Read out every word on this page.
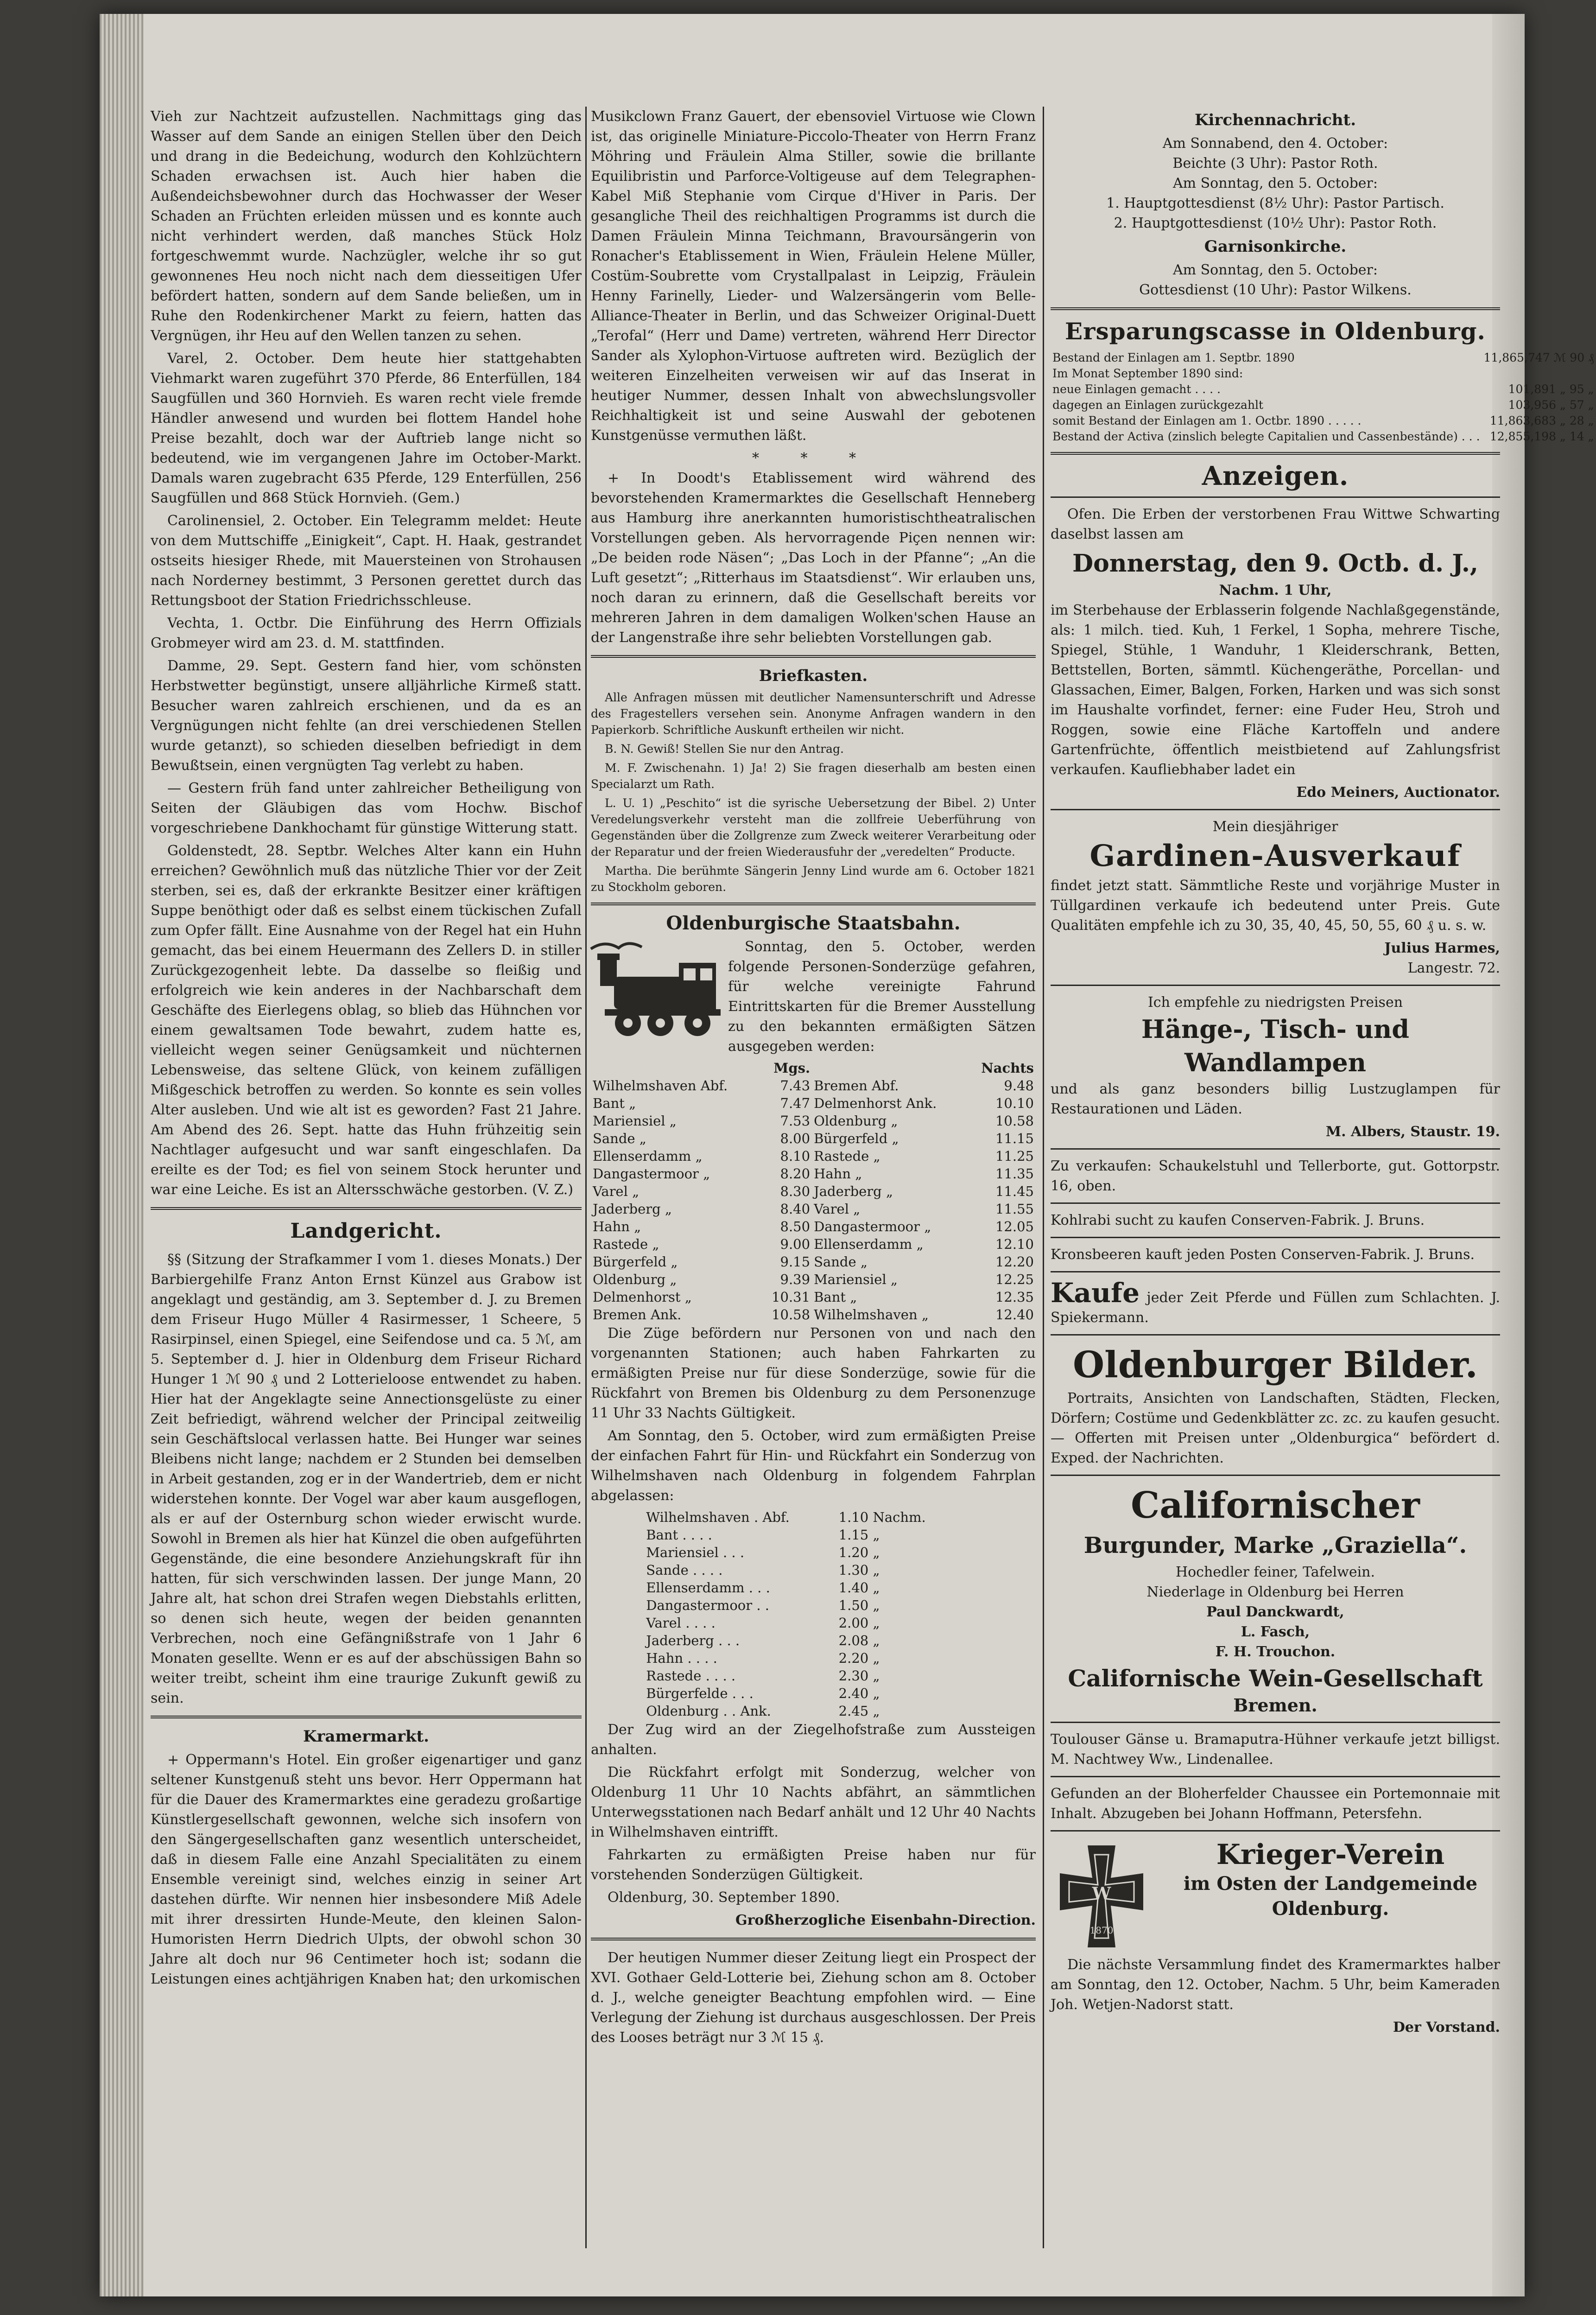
Vieh zur Nachtzeit aufzustellen. Nachmittags ging das Wasser auf dem Sande an einigen Stellen über den Deich und drang in die Bedeichung, wodurch den Kohlzüchtern Schaden erwachsen ist. Auch hier haben die Außendeichsbewohner durch das Hochwasser der Weser Schaden an Früchten erleiden müssen und es konnte auch nicht verhindert werden, daß manches Stück Holz fortgeschwemmt wurde. Nachzügler, welche ihr so gut gewonnenes Heu noch nicht nach dem diesseitigen Ufer befördert hatten, sondern auf dem Sande beließen, um in Ruhe den Rodenkirchener Markt zu feiern, hatten das Vergnügen, ihr Heu auf den Wellen tanzen zu sehen.

Varel, 2. October. Dem heute hier stattgehabten Viehmarkt waren zugeführt 370 Pferde, 86 Enterfüllen, 184 Saugfüllen und 360 Hornvieh. Es waren recht viele fremde Händler anwesend und wurden bei flottem Handel hohe Preise bezahlt, doch war der Auftrieb lange nicht so bedeutend, wie im vergangenen Jahre im October-Markt. Damals waren zugebracht 635 Pferde, 129 Enterfüllen, 256 Saugfüllen und 868 Stück Hornvieh. (Gem.)

Carolinensiel, 2. October. Ein Telegramm meldet: Heute von dem Muttschiffe „Einigkeit“, Capt. H. Haak, gestrandet ostseits hiesiger Rhede, mit Mauersteinen von Strohausen nach Norderney bestimmt, 3 Personen gerettet durch das Rettungsboot der Station Friedrichsschleuse.

Vechta, 1. Octbr. Die Einführung des Herrn Offizials Grobmeyer wird am 23. d. M. stattfinden.

Damme, 29. Sept. Gestern fand hier, vom schönsten Herbstwetter begünstigt, unsere alljährliche Kirmeß statt. Besucher waren zahlreich erschienen, und da es an Vergnügungen nicht fehlte (an drei verschiedenen Stellen wurde getanzt), so schieden dieselben befriedigt in dem Bewußtsein, einen vergnügten Tag verlebt zu haben.

— Gestern früh fand unter zahlreicher Betheiligung von Seiten der Gläubigen das vom Hochw. Bischof vorgeschriebene Dankhochamt für günstige Witterung statt.

Goldenstedt, 28. Septbr. Welches Alter kann ein Huhn erreichen? Gewöhnlich muß das nützliche Thier vor der Zeit sterben, sei es, daß der erkrankte Besitzer einer kräftigen Suppe benöthigt oder daß es selbst einem tückischen Zufall zum Opfer fällt. Eine Ausnahme von der Regel hat ein Huhn gemacht, das bei einem Heuermann des Zellers D. in stiller Zurückgezogenheit lebte. Da dasselbe so fleißig und erfolgreich wie kein anderes in der Nachbarschaft dem Geschäfte des Eierlegens oblag, so blieb das Hühnchen vor einem gewaltsamen Tode bewahrt, zudem hatte es, vielleicht wegen seiner Genügsamkeit und nüchternen Lebensweise, das seltene Glück, von keinem zufälligen Mißgeschick betroffen zu werden. So konnte es sein volles Alter ausleben. Und wie alt ist es geworden? Fast 21 Jahre. Am Abend des 26. Sept. hatte das Huhn frühzeitig sein Nachtlager aufgesucht und war sanft eingeschlafen. Da ereilte es der Tod; es fiel von seinem Stock herunter und war eine Leiche. Es ist an Altersschwäche gestorben. (V. Z.)

Landgericht.

§§ (Sitzung der Strafkammer I vom 1. dieses Monats.) Der Barbiergehilfe Franz Anton Ernst Künzel aus Grabow ist angeklagt und geständig, am 3. September d. J. zu Bremen dem Friseur Hugo Müller 4 Rasirmesser, 1 Scheere, 5 Rasirpinsel, einen Spiegel, eine Seifendose und ca. 5 ℳ, am 5. September d. J. hier in Oldenburg dem Friseur Richard Hunger 1 ℳ 90 ₰ und 2 Lotterieloose entwendet zu haben. Hier hat der Angeklagte seine Annectionsgelüste zu einer Zeit befriedigt, während welcher der Principal zeitweilig sein Geschäftslocal verlassen hatte. Bei Hunger war seines Bleibens nicht lange; nachdem er 2 Stunden bei demselben in Arbeit gestanden, zog er in der Wandertrieb, dem er nicht widerstehen konnte. Der Vogel war aber kaum ausgeflogen, als er auf der Osternburg schon wieder erwischt wurde. Sowohl in Bremen als hier hat Künzel die oben aufgeführten Gegenstände, die eine besondere Anziehungskraft für ihn hatten, für sich verschwinden lassen. Der junge Mann, 20 Jahre alt, hat schon drei Strafen wegen Diebstahls erlitten, so denen sich heute, wegen der beiden genannten Verbrechen, noch eine Gefängnißstrafe von 1 Jahr 6 Monaten gesellte. Wenn er es auf der abschüssigen Bahn so weiter treibt, scheint ihm eine traurige Zukunft gewiß zu sein.

Kramermarkt.

+ Oppermann's Hotel. Ein großer eigenartiger und ganz seltener Kunstgenuß steht uns bevor. Herr Oppermann hat für die Dauer des Kramermarktes eine geradezu großartige Künstlergesellschaft gewonnen, welche sich insofern von den Sängergesellschaften ganz wesentlich unterscheidet, daß in diesem Falle eine Anzahl Specialitäten zu einem Ensemble vereinigt sind, welches einzig in seiner Art dastehen dürfte. Wir nennen hier insbesondere Miß Adele mit ihrer dressirten Hunde-Meute, den kleinen Salon-Humoristen Herrn Diedrich Ulpts, der obwohl schon 30 Jahre alt doch nur 96 Centimeter hoch ist; sodann die Leistungen eines achtjährigen Knaben hat; den urkomischen

Musikclown Franz Gauert, der ebensoviel Virtuose wie Clown ist, das originelle Miniature-Piccolo-Theater von Herrn Franz Möhring und Fräulein Alma Stiller, sowie die brillante Equilibristin und Parforce-Voltigeuse auf dem Telegraphen-Kabel Miß Stephanie vom Cirque d'Hiver in Paris. Der gesangliche Theil des reichhaltigen Programms ist durch die Damen Fräulein Minna Teichmann, Bravoursängerin von Ronacher's Etablissement in Wien, Fräulein Helene Müller, Costüm-Soubrette vom Crystallpalast in Leipzig, Fräulein Henny Farinelly, Lieder- und Walzersängerin vom Belle-Alliance-Theater in Berlin, und das Schweizer Original-Duett „Terofal“ (Herr und Dame) vertreten, während Herr Director Sander als Xylophon-Virtuose auftreten wird. Bezüglich der weiteren Einzelheiten verweisen wir auf das Inserat in heutiger Nummer, dessen Inhalt von abwechslungsvoller Reichhaltigkeit ist und seine Auswahl der gebotenen Kunstgenüsse vermuthen läßt.

* * *

+ In Doodt's Etablissement wird während des bevorstehenden Kramermarktes die Gesellschaft Henneberg aus Hamburg ihre anerkannten humoristischtheatralischen Vorstellungen geben. Als hervorragende Piçen nennen wir: „De beiden rode Näsen“; „Das Loch in der Pfanne“; „An die Luft gesetzt“; „Ritterhaus im Staatsdienst“. Wir erlauben uns, noch daran zu erinnern, daß die Gesellschaft bereits vor mehreren Jahren in dem damaligen Wolken'schen Hause an der Langenstraße ihre sehr beliebten Vorstellungen gab.

Briefkasten.

Alle Anfragen müssen mit deutlicher Namensunterschrift und Adresse des Fragestellers versehen sein. Anonyme Anfragen wandern in den Papierkorb. Schriftliche Auskunft ertheilen wir nicht.

B. N. Gewiß! Stellen Sie nur den Antrag.

M. F. Zwischenahn. 1) Ja! 2) Sie fragen dieserhalb am besten einen Specialarzt um Rath.

L. U. 1) „Peschito“ ist die syrische Uebersetzung der Bibel. 2) Unter Veredelungsverkehr versteht man die zollfreie Ueberführung von Gegenständen über die Zollgrenze zum Zweck weiterer Verarbeitung oder der Reparatur und der freien Wiederausfuhr der „veredelten“ Producte.

Martha. Die berühmte Sängerin Jenny Lind wurde am 6. October 1821 zu Stockholm geboren.

Oldenburgische Staatsbahn.

Sonntag, den 5. October, werden folgende Personen-Sonderzüge gefahren, für welche vereinigte Fahrund Eintrittskarten für die Bremer Ausstellung zu den bekannten ermäßigten Sätzen ausgegeben werden:

	Mgs.		Nachts
Wilhelmshaven Abf.	7.43	Bremen Abf.	9.48
Bant „	7.47	Delmenhorst Ank.	10.10
Mariensiel „	7.53	Oldenburg „	10.58
Sande „	8.00	Bürgerfeld „	11.15
Ellenserdamm „	8.10	Rastede „	11.25
Dangastermoor „	8.20	Hahn „	11.35
Varel „	8.30	Jaderberg „	11.45
Jaderberg „	8.40	Varel „	11.55
Hahn „	8.50	Dangastermoor „	12.05
Rastede „	9.00	Ellenserdamm „	12.10
Bürgerfeld „	9.15	Sande „	12.20
Oldenburg „	9.39	Mariensiel „	12.25
Delmenhorst „	10.31	Bant „	12.35
Bremen Ank.	10.58	Wilhelmshaven „	12.40

Die Züge befördern nur Personen von und nach den vorgenannten Stationen; auch haben Fahrkarten zu ermäßigten Preise nur für diese Sonderzüge, sowie für die Rückfahrt von Bremen bis Oldenburg zu dem Personenzuge 11 Uhr 33 Nachts Gültigkeit.

Am Sonntag, den 5. October, wird zum ermäßigten Preise der einfachen Fahrt für Hin- und Rückfahrt ein Sonderzug von Wilhelmshaven nach Oldenburg in folgendem Fahrplan abgelassen:

Wilhelmshaven . Abf.	1.10 Nachm.
Bant . . . .	1.15 „
Mariensiel . . .	1.20 „
Sande . . . .	1.30 „
Ellenserdamm . . .	1.40 „
Dangastermoor . .	1.50 „
Varel . . . .	2.00 „
Jaderberg . . .	2.08 „
Hahn . . . .	2.20 „
Rastede . . . .	2.30 „
Bürgerfelde . . .	2.40 „
Oldenburg . . Ank.	2.45 „

Der Zug wird an der Ziegelhofstraße zum Aussteigen anhalten.

Die Rückfahrt erfolgt mit Sonderzug, welcher von Oldenburg 11 Uhr 10 Nachts abfährt, an sämmtlichen Unterwegsstationen nach Bedarf anhält und 12 Uhr 40 Nachts in Wilhelmshaven eintrifft.

Fahrkarten zu ermäßigten Preise haben nur für vorstehenden Sonderzügen Gültigkeit.

Oldenburg, 30. September 1890.

Großherzogliche Eisenbahn-Direction.

Der heutigen Nummer dieser Zeitung liegt ein Prospect der XVI. Gothaer Geld-Lotterie bei, Ziehung schon am 8. October d. J., welche geneigter Beachtung empfohlen wird. — Eine Verlegung der Ziehung ist durchaus ausgeschlossen. Der Preis des Looses beträgt nur 3 ℳ 15 ₰.

Kirchennachricht.
Am Sonnabend, den 4. October:
Beichte (3 Uhr): Pastor Roth.
Am Sonntag, den 5. October:
1. Hauptgottesdienst (8½ Uhr): Pastor Partisch.
2. Hauptgottesdienst (10½ Uhr): Pastor Roth.
Garnisonkirche.
Am Sonntag, den 5. October:
Gottesdienst (10 Uhr): Pastor Wilkens.
Ersparungscasse in Oldenburg.
Bestand der Einlagen am 1. Septbr. 1890	11,865,747 ℳ 90 ₰
Im Monat September 1890 sind:	
neue Einlagen gemacht . . . .	101,891 „ 95 „
dagegen an Einlagen zurückgezahlt	103,956 „ 57 „
somit Bestand der Einlagen am 1. Octbr. 1890 . . . . .	11,863,683 „ 28 „
Bestand der Activa (zinslich belegte Capitalien und Cassenbestände) . . .	12,855,198 „ 14 „
Anzeigen.

Ofen. Die Erben der verstorbenen Frau Wittwe Schwarting daselbst lassen am

Donnerstag, den 9. Octb. d. J.,
Nachm. 1 Uhr,

im Sterbehause der Erblasserin folgende Nachlaßgegenstände, als: 1 milch. tied. Kuh, 1 Ferkel, 1 Sopha, mehrere Tische, Spiegel, Stühle, 1 Wanduhr, 1 Kleiderschrank, Betten, Bettstellen, Borten, sämmtl. Küchengeräthe, Porcellan- und Glassachen, Eimer, Balgen, Forken, Harken und was sich sonst im Haushalte vorfindet, ferner: eine Fuder Heu, Stroh und Roggen, sowie eine Fläche Kartoffeln und andere Gartenfrüchte, öffentlich meistbietend auf Zahlungsfrist verkaufen. Kaufliebhaber ladet ein

Edo Meiners, Auctionator.
Mein diesjähriger
Gardinen-Ausverkauf

findet jetzt statt. Sämmtliche Reste und vorjährige Muster in Tüllgardinen verkaufe ich bedeutend unter Preis. Gute Qualitäten empfehle ich zu 30, 35, 40, 45, 50, 55, 60 ₰ u. s. w.

Julius Harmes,
Langestr. 72.
Ich empfehle zu niedrigsten Preisen
Hänge-, Tisch- und Wandlampen

und als ganz besonders billig Lustzuglampen für Restaurationen und Läden.

M. Albers, Staustr. 19.

Zu verkaufen: Schaukelstuhl und Tellerborte, gut. Gottorpstr. 16, oben.

Kohlrabi sucht zu kaufen Conserven-Fabrik. J. Bruns.

Kronsbeeren kauft jeden Posten Conserven-Fabrik. J. Bruns.

Kaufe jeder Zeit Pferde und Füllen zum Schlachten. J. Spiekermann.

Oldenburger Bilder.

Portraits, Ansichten von Landschaften, Städten, Flecken, Dörfern; Costüme und Gedenkblätter zc. zc. zu kaufen gesucht. — Offerten mit Preisen unter „Oldenburgica“ befördert d. Exped. der Nachrichten.

Californischer
Burgunder, Marke „Graziella“.
Hochedler feiner, Tafelwein.
Niederlage in Oldenburg bei Herren
Paul Danckwardt,
L. Fasch,
F. H. Trouchon.
Californische Wein-Gesellschaft
Bremen.

Toulouser Gänse u. Bramaputra-Hühner verkaufe jetzt billigst. M. Nachtwey Ww., Lindenallee.

Gefunden an der Bloherfelder Chaussee ein Portemonnaie mit Inhalt. Abzugeben bei Johann Hoffmann, Petersfehn.

W
1870
Krieger-Verein
im Osten der Landgemeinde Oldenburg.

Die nächste Versammlung findet des Kramermarktes halber am Sonntag, den 12. October, Nachm. 5 Uhr, beim Kameraden Joh. Wetjen-Nadorst statt.

Der Vorstand.
